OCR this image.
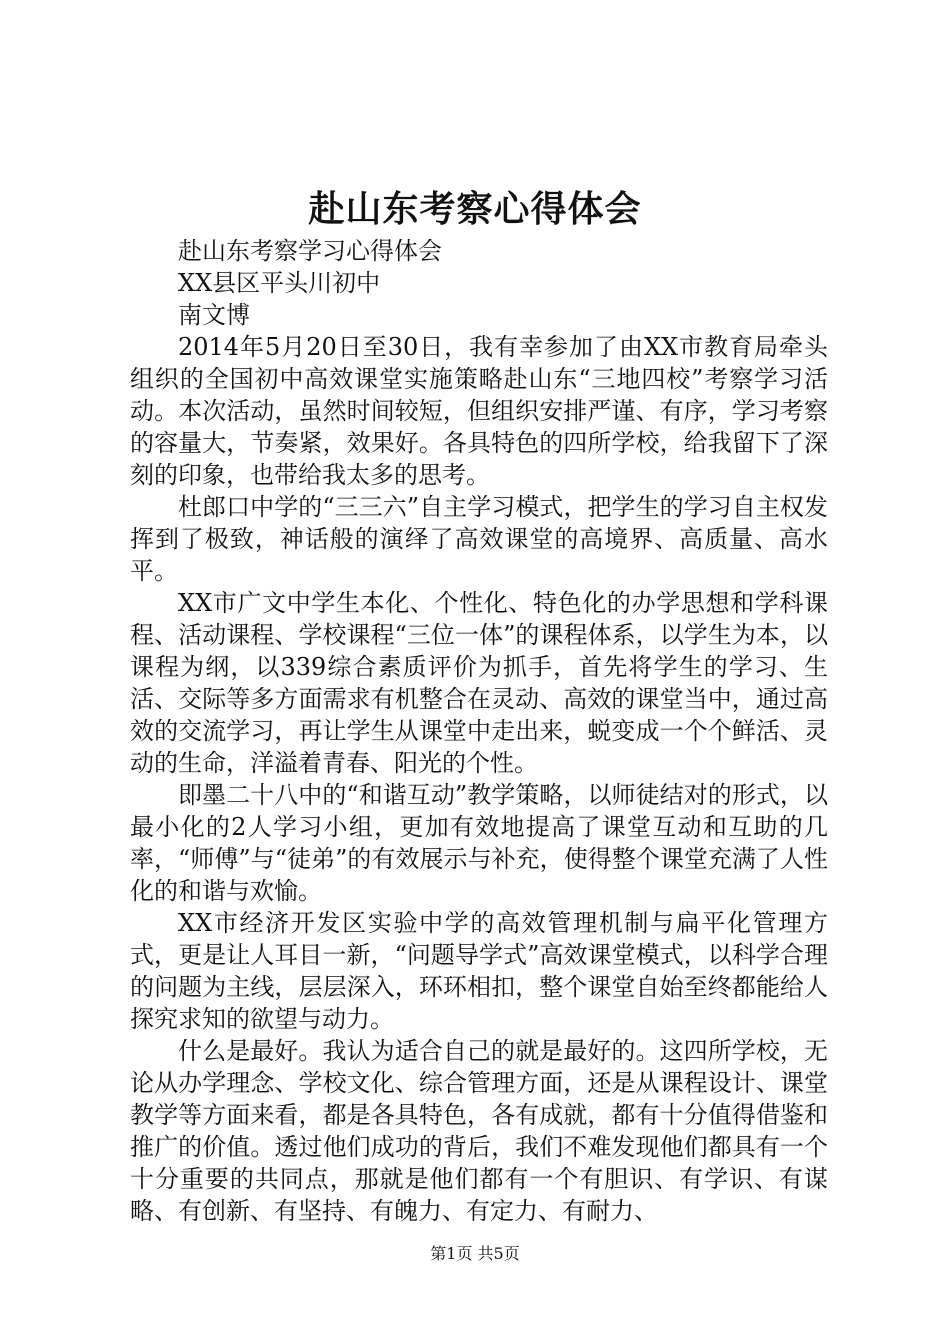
赴山东考察心得体会

赴山东考察学习心得体会

XX县区平头川初中

南文博

2014年5月20日至30日，我有幸参加了由XX市教育局牵头组织的全国初中高效课堂实施策略赴山东“三地四校”考察学习活动。本次活动，虽然时间较短，但组织安排严谨、有序，学习考察的容量大，节奏紧，效果好。各具特色的四所学校，给我留下了深刻的印象，也带给我太多的思考。

杜郎口中学的“三三六”自主学习模式，把学生的学习自主权发挥到了极致，神话般的演绎了高效课堂的高境界、高质量、高水平。

XX市广文中学生本化、个性化、特色化的办学思想和学科课程、活动课程、学校课程“三位一体”的课程体系，以学生为本，以课程为纲，以339综合素质评价为抓手，首先将学生的学习、生活、交际等多方面需求有机整合在灵动、高效的课堂当中，通过高效的交流学习，再让学生从课堂中走出来，蜕变成一个个鲜活、灵动的生命，洋溢着青春、阳光的个性。

即墨二十八中的“和谐互动”教学策略，以师徒结对的形式，以最小化的2人学习小组，更加有效地提高了课堂互动和互助的几率，“师傅”与“徒弟”的有效展示与补充，使得整个课堂充满了人性化的和谐与欢愉。

XX市经济开发区实验中学的高效管理机制与扁平化管理方式，更是让人耳目一新，“问题导学式”高效课堂模式，以科学合理的问题为主线，层层深入，环环相扣，整个课堂自始至终都能给人探究求知的欲望与动力。

什么是最好。我认为适合自己的就是最好的。这四所学校，无论从办学理念、学校文化、综合管理方面，还是从课程设计、课堂教学等方面来看，都是各具特色，各有成就，都有十分值得借鉴和推广的价值。透过他们成功的背后，我们不难发现他们都具有一个十分重要的共同点，那就是他们都有一个有胆识、有学识、有谋略、有创新、有坚持、有魄力、有定力、有耐力、

第1页 共5页
